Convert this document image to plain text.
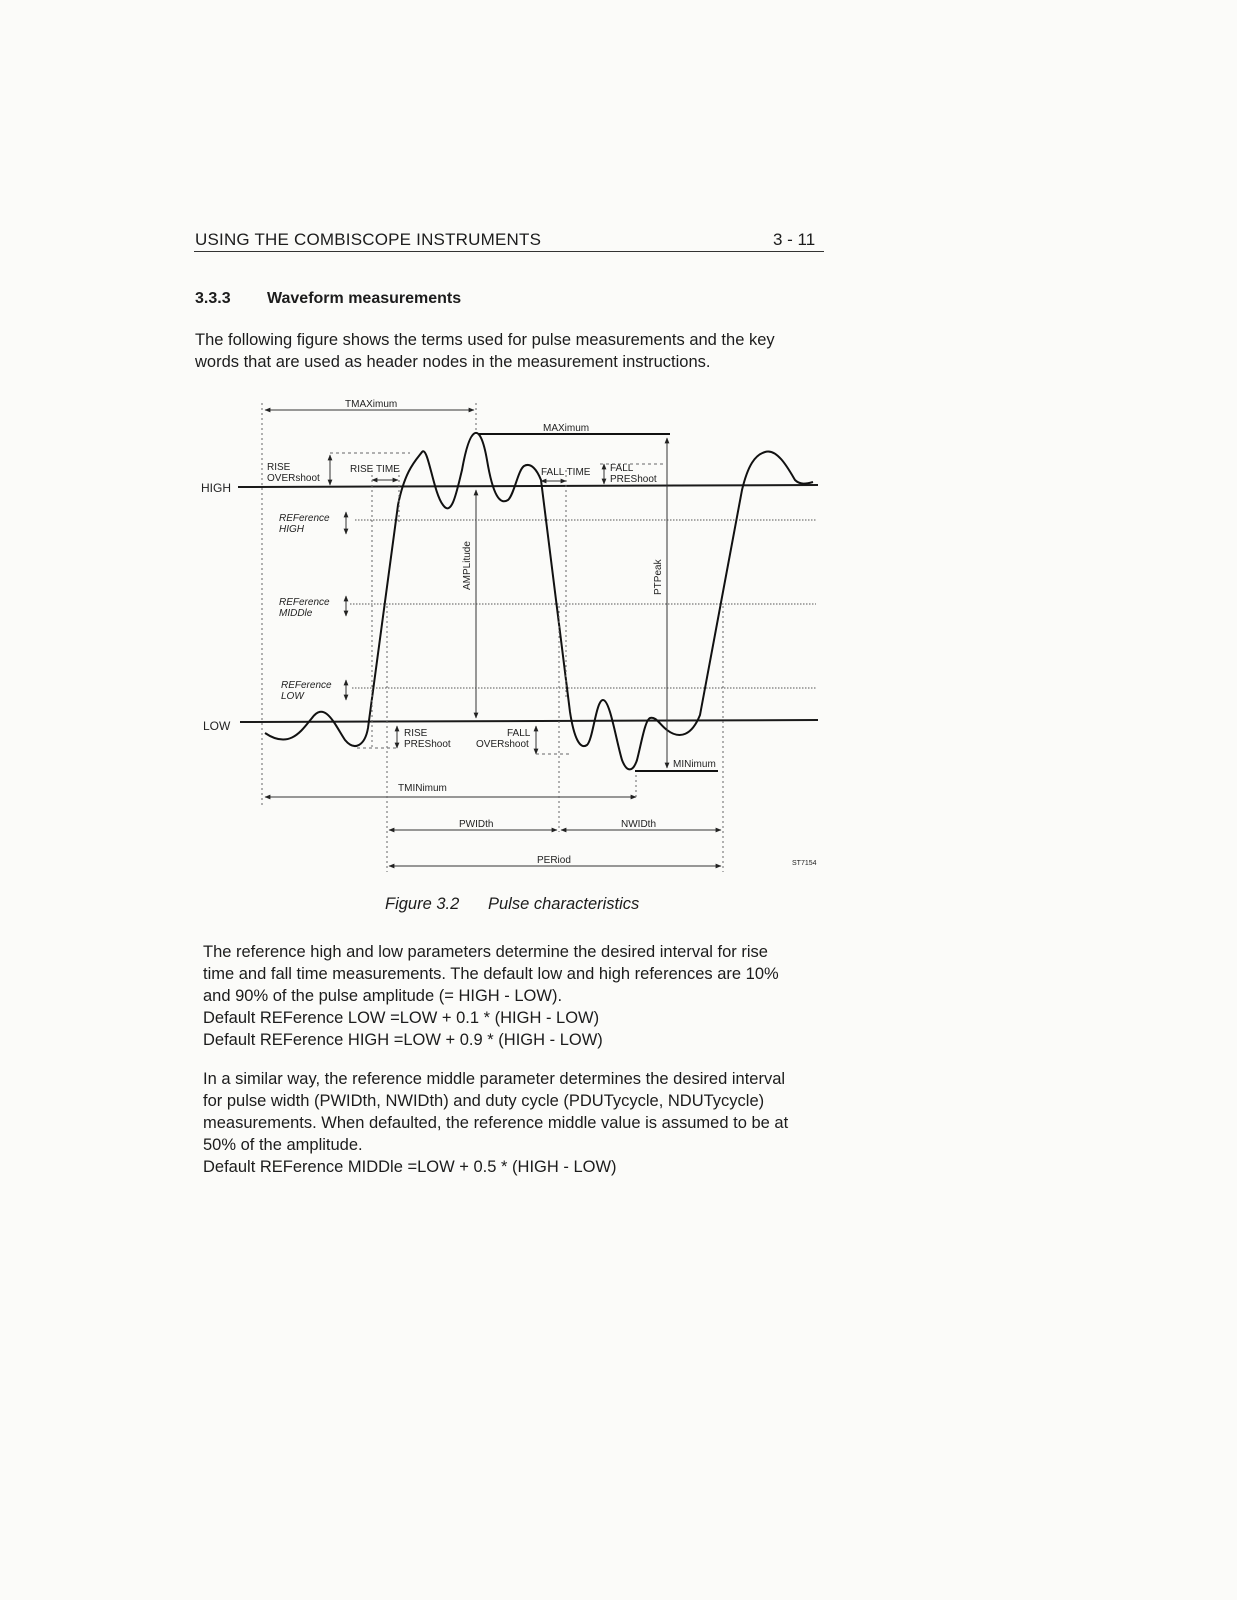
USING THE COMBISCOPE INSTRUMENTS	3 - 11
3.3.3 Waveform measurements
The following figure shows the terms used for pulse measurements and the key
words that are used as header nodes in the measurement instructions.
MAXimum
MINimum
TMAXimum
RISE
OVERshoot
RISE TIME	FALL TIME FALL
PREShoot
HIGH
LOW
REFerence
HIGH
REFerence
MIDDle
REFerence
LOW
AMPLitude	PTPeak
RISE
PREShoot
FALL
OVERshoot
TMINimum
PWIDth	NWIDth
PERiod	ST7154
Figure 3.2 Pulse characteristics
The reference high and low parameters determine the desired interval for rise
time and fall time measurements. The default low and high references are 10%
and 90% of the pulse amplitude (= HIGH - LOW).
Default REFerence LOW =LOW + 0.1 * (HIGH - LOW)
Default REFerence HIGH =LOW + 0.9 * (HIGH - LOW)
In a similar way, the reference middle parameter determines the desired interval
for pulse width (PWIDth, NWIDth) and duty cycle (PDUTycycle, NDUTycycle)
measurements. When defaulted, the reference middle value is assumed to be at
50% of the amplitude.
Default REFerence MIDDle =LOW + 0.5 * (HIGH - LOW)
